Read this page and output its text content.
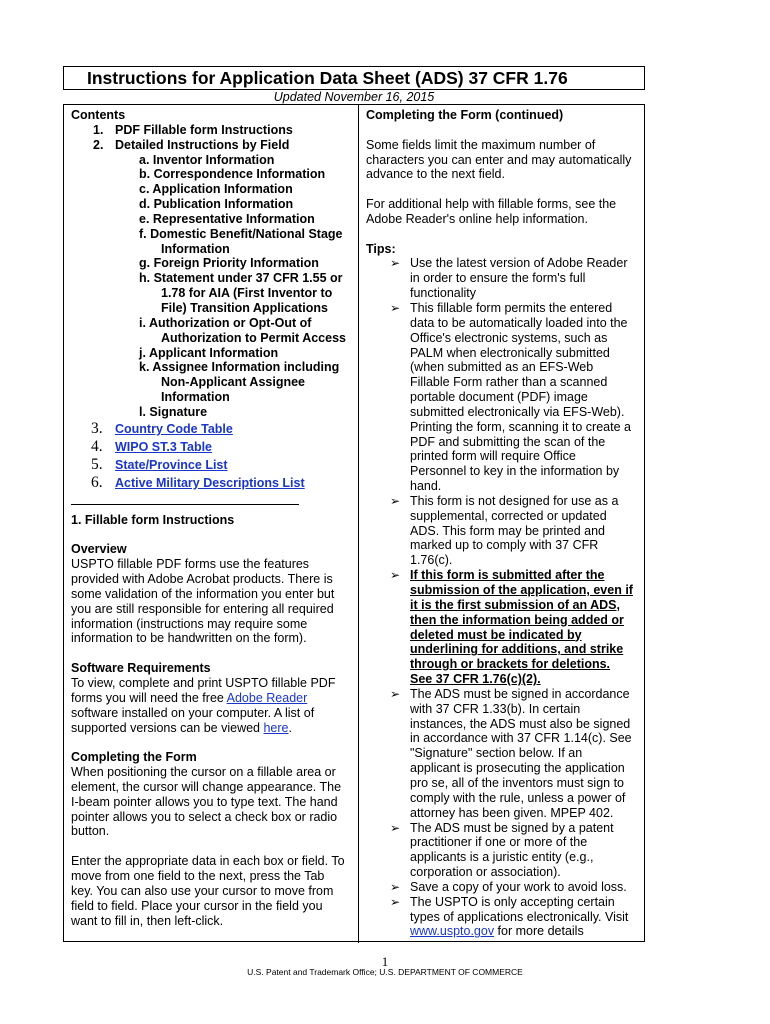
Instructions for Application Data Sheet (ADS) 37 CFR 1.76
Updated November 16, 2015
Contents
1. PDF Fillable form Instructions
2. Detailed Instructions by Field
a. Inventor Information
b. Correspondence Information
c. Application Information
d. Publication Information
e. Representative Information
f. Domestic Benefit/National Stage
Information
g. Foreign Priority Information
h. Statement under 37 CFR 1.55 or
1.78 for AIA (First Inventor to
File) Transition Applications
i. Authorization or Opt-Out of
Authorization to Permit Access
j. Applicant Information
k. Assignee Information including
Non-Applicant Assignee
Information
l. Signature
3. Country Code Table
4. WIPO ST.3 Table
5. State/Province List
6. Active Military Descriptions List
1. Fillable form Instructions
Overview
USPTO fillable PDF forms use the features
provided with Adobe Acrobat products. There is
some validation of the information you enter but
you are still responsible for entering all required
information (instructions may require some
information to be handwritten on the form).
Software Requirements
To view, complete and print USPTO fillable PDF
forms you will need the free Adobe Reader
software installed on your computer. A list of
supported versions can be viewed here.
Completing the Form
When positioning the cursor on a fillable area or
element, the cursor will change appearance. The
I-beam pointer allows you to type text. The hand
pointer allows you to select a check box or radio
button.
Enter the appropriate data in each box or field. To
move from one field to the next, press the Tab
key. You can also use your cursor to move from
field to field. Place your cursor in the field you
want to fill in, then left-click.
Completing the Form (continued)
Some fields limit the maximum number of
characters you can enter and may automatically
advance to the next field.
For additional help with fillable forms, see the
Adobe Reader's online help information.
Tips:
➢ Use the latest version of Adobe Reader
in order to ensure the form's full
functionality
➢ This fillable form permits the entered
data to be automatically loaded into the
Office's electronic systems, such as
PALM when electronically submitted
(when submitted as an EFS-Web
Fillable Form rather than a scanned
portable document (PDF) image
submitted electronically via EFS-Web).
Printing the form, scanning it to create a
PDF and submitting the scan of the
printed form will require Office
Personnel to key in the information by
hand.
➢ This form is not designed for use as a
supplemental, corrected or updated
ADS. This form may be printed and
marked up to comply with 37 CFR
1.76(c).
➢ If this form is submitted after the
submission of the application, even if
it is the first submission of an ADS,
then the information being added or
deleted must be indicated by
underlining for additions, and strike
through or brackets for deletions.
See 37 CFR 1.76(c)(2).
➢ The ADS must be signed in accordance
with 37 CFR 1.33(b). In certain
instances, the ADS must also be signed
in accordance with 37 CFR 1.14(c). See
"Signature" section below. If an
applicant is prosecuting the application
pro se, all of the inventors must sign to
comply with the rule, unless a power of
attorney has been given. MPEP 402.
➢ The ADS must be signed by a patent
practitioner if one or more of the
applicants is a juristic entity (e.g.,
corporation or association).
➢ Save a copy of your work to avoid loss.
➢ The USPTO is only accepting certain
types of applications electronically. Visit
www.uspto.gov for more details
1
U.S. Patent and Trademark Office; U.S. DEPARTMENT OF COMMERCE
